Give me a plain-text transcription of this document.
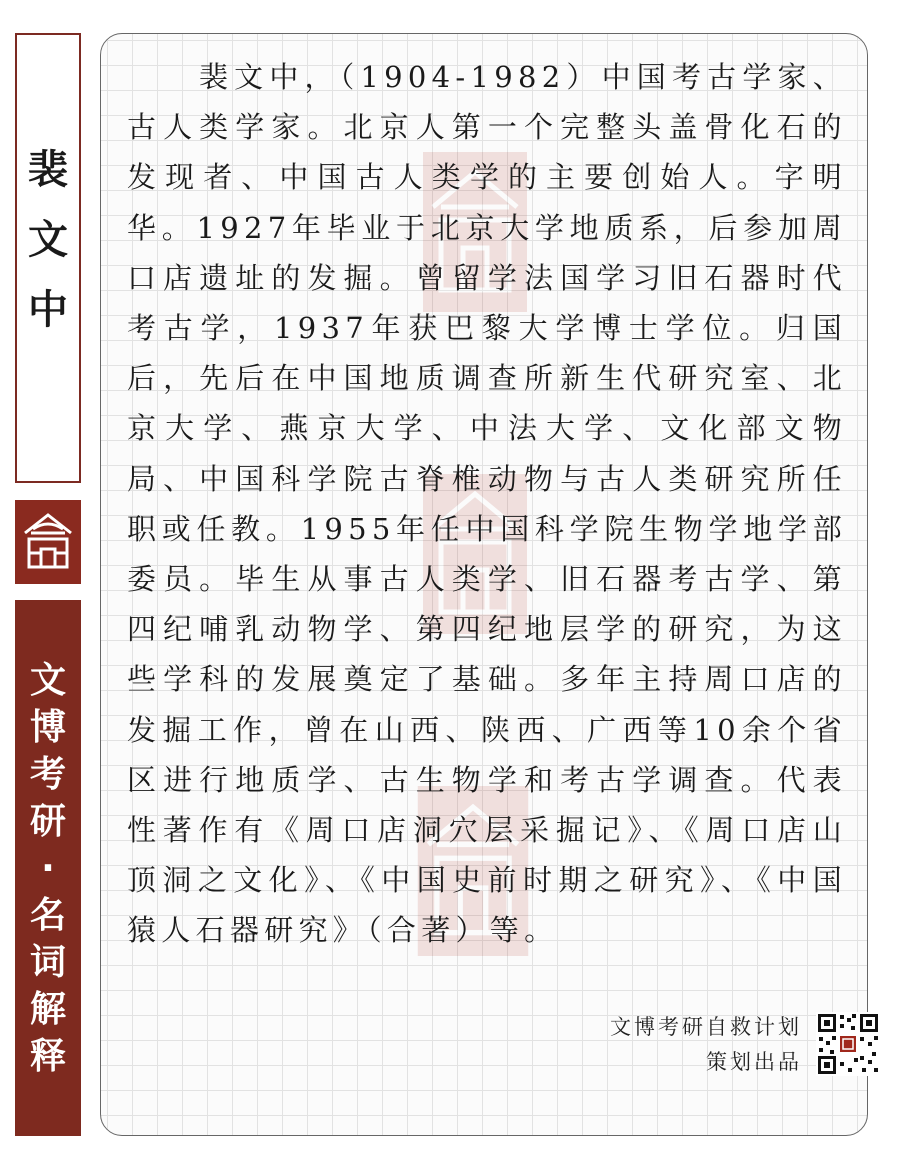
裴
文
中
文
博
考
研
·
名
词
解
释

裴文中，（1904-1982）中国考古学家、古人类学家。北京人第一个完整头盖骨化石的发现者、中国古人类学的主要创始人。字明华。1927年毕业于北京大学地质系，后参加周口店遗址的发掘。曾留学法国学习旧石器时代考古学，1937年获巴黎大学博士学位。归国后，先后在中国地质调查所新生代研究室、北京大学、燕京大学、中法大学、文化部文物局、中国科学院古脊椎动物与古人类研究所任职或任教。1955年任中国科学院生物学地学部委员。毕生从事古人类学、旧石器考古学、第四纪哺乳动物学、第四纪地层学的研究，为这些学科的发展奠定了基础。多年主持周口店的发掘工作，曾在山西、陕西、广西等10余个省区进行地质学、古生物学和考古学调查。代表性著作有《周口店洞穴层采掘记》、《周口店山顶洞之文化》、《中国史前时期之研究》、《中国猿人石器研究》（合著）等。

文博考研自救计划
策划出品
